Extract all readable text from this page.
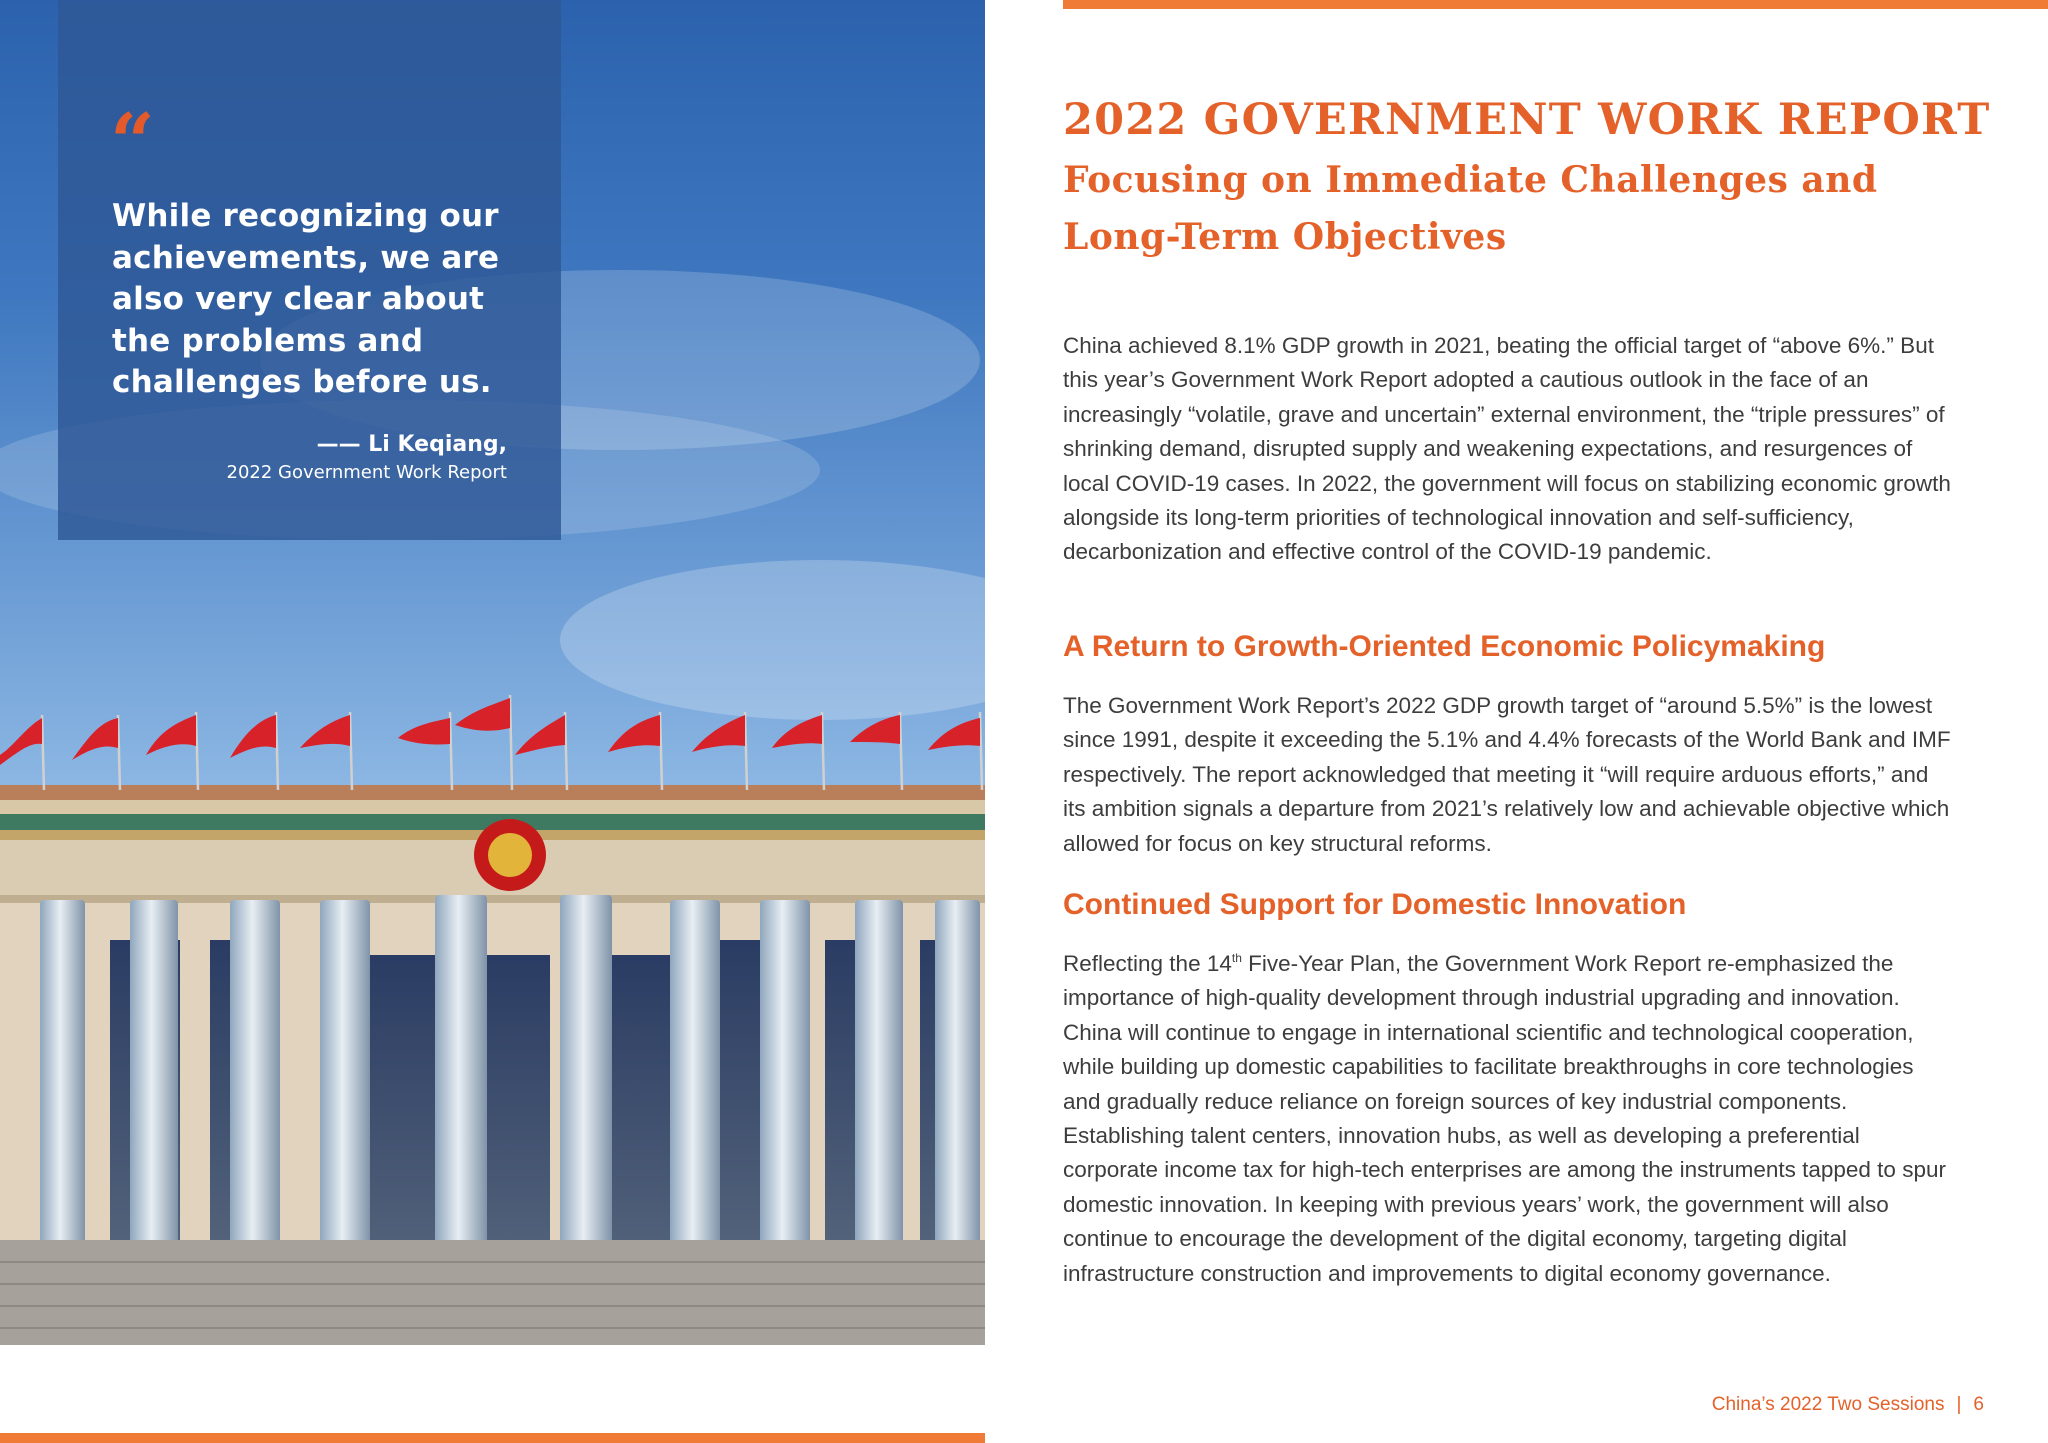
“
While recognizing our achievements, we are also very clear about the problems and challenges before us.
—— Li Keqiang,
2022 Government Work Report
2022 GOVERNMENT WORK REPORT
Focusing on Immediate Challenges and Long-Term Objectives

China achieved 8.1% GDP growth in 2021, beating the official target of “above 6%.” But this year’s Government Work Report adopted a cautious outlook in the face of an increasingly “volatile, grave and uncertain” external environment, the “triple pressures” of shrinking demand, disrupted supply and weakening expectations, and resurgences of local COVID-19 cases. In 2022, the government will focus on stabilizing economic growth alongside its long-term priorities of technological innovation and self-sufficiency, decarbonization and effective control of the COVID-19 pandemic.

A Return to Growth-Oriented Economic Policymaking

The Government Work Report’s 2022 GDP growth target of “around 5.5%” is the lowest since 1991, despite it exceeding the 5.1% and 4.4% forecasts of the World Bank and IMF respectively. The report acknowledged that meeting it “will require arduous efforts,” and its ambition signals a departure from 2021’s relatively low and achievable objective which allowed for focus on key structural reforms.

Continued Support for Domestic Innovation

Reflecting the 14th Five-Year Plan, the Government Work Report re-emphasized the importance of high-quality development through industrial upgrading and innovation. China will continue to engage in international scientific and technological cooperation, while building up domestic capabilities to facilitate breakthroughs in core technologies and gradually reduce reliance on foreign sources of key industrial components. Establishing talent centers, innovation hubs, as well as developing a preferential corporate income tax for high-tech enterprises are among the instruments tapped to spur domestic innovation. In keeping with previous years’ work, the government will also continue to encourage the development of the digital economy, targeting digital infrastructure construction and improvements to digital economy governance.

China’s 2022 Two Sessions | 6
